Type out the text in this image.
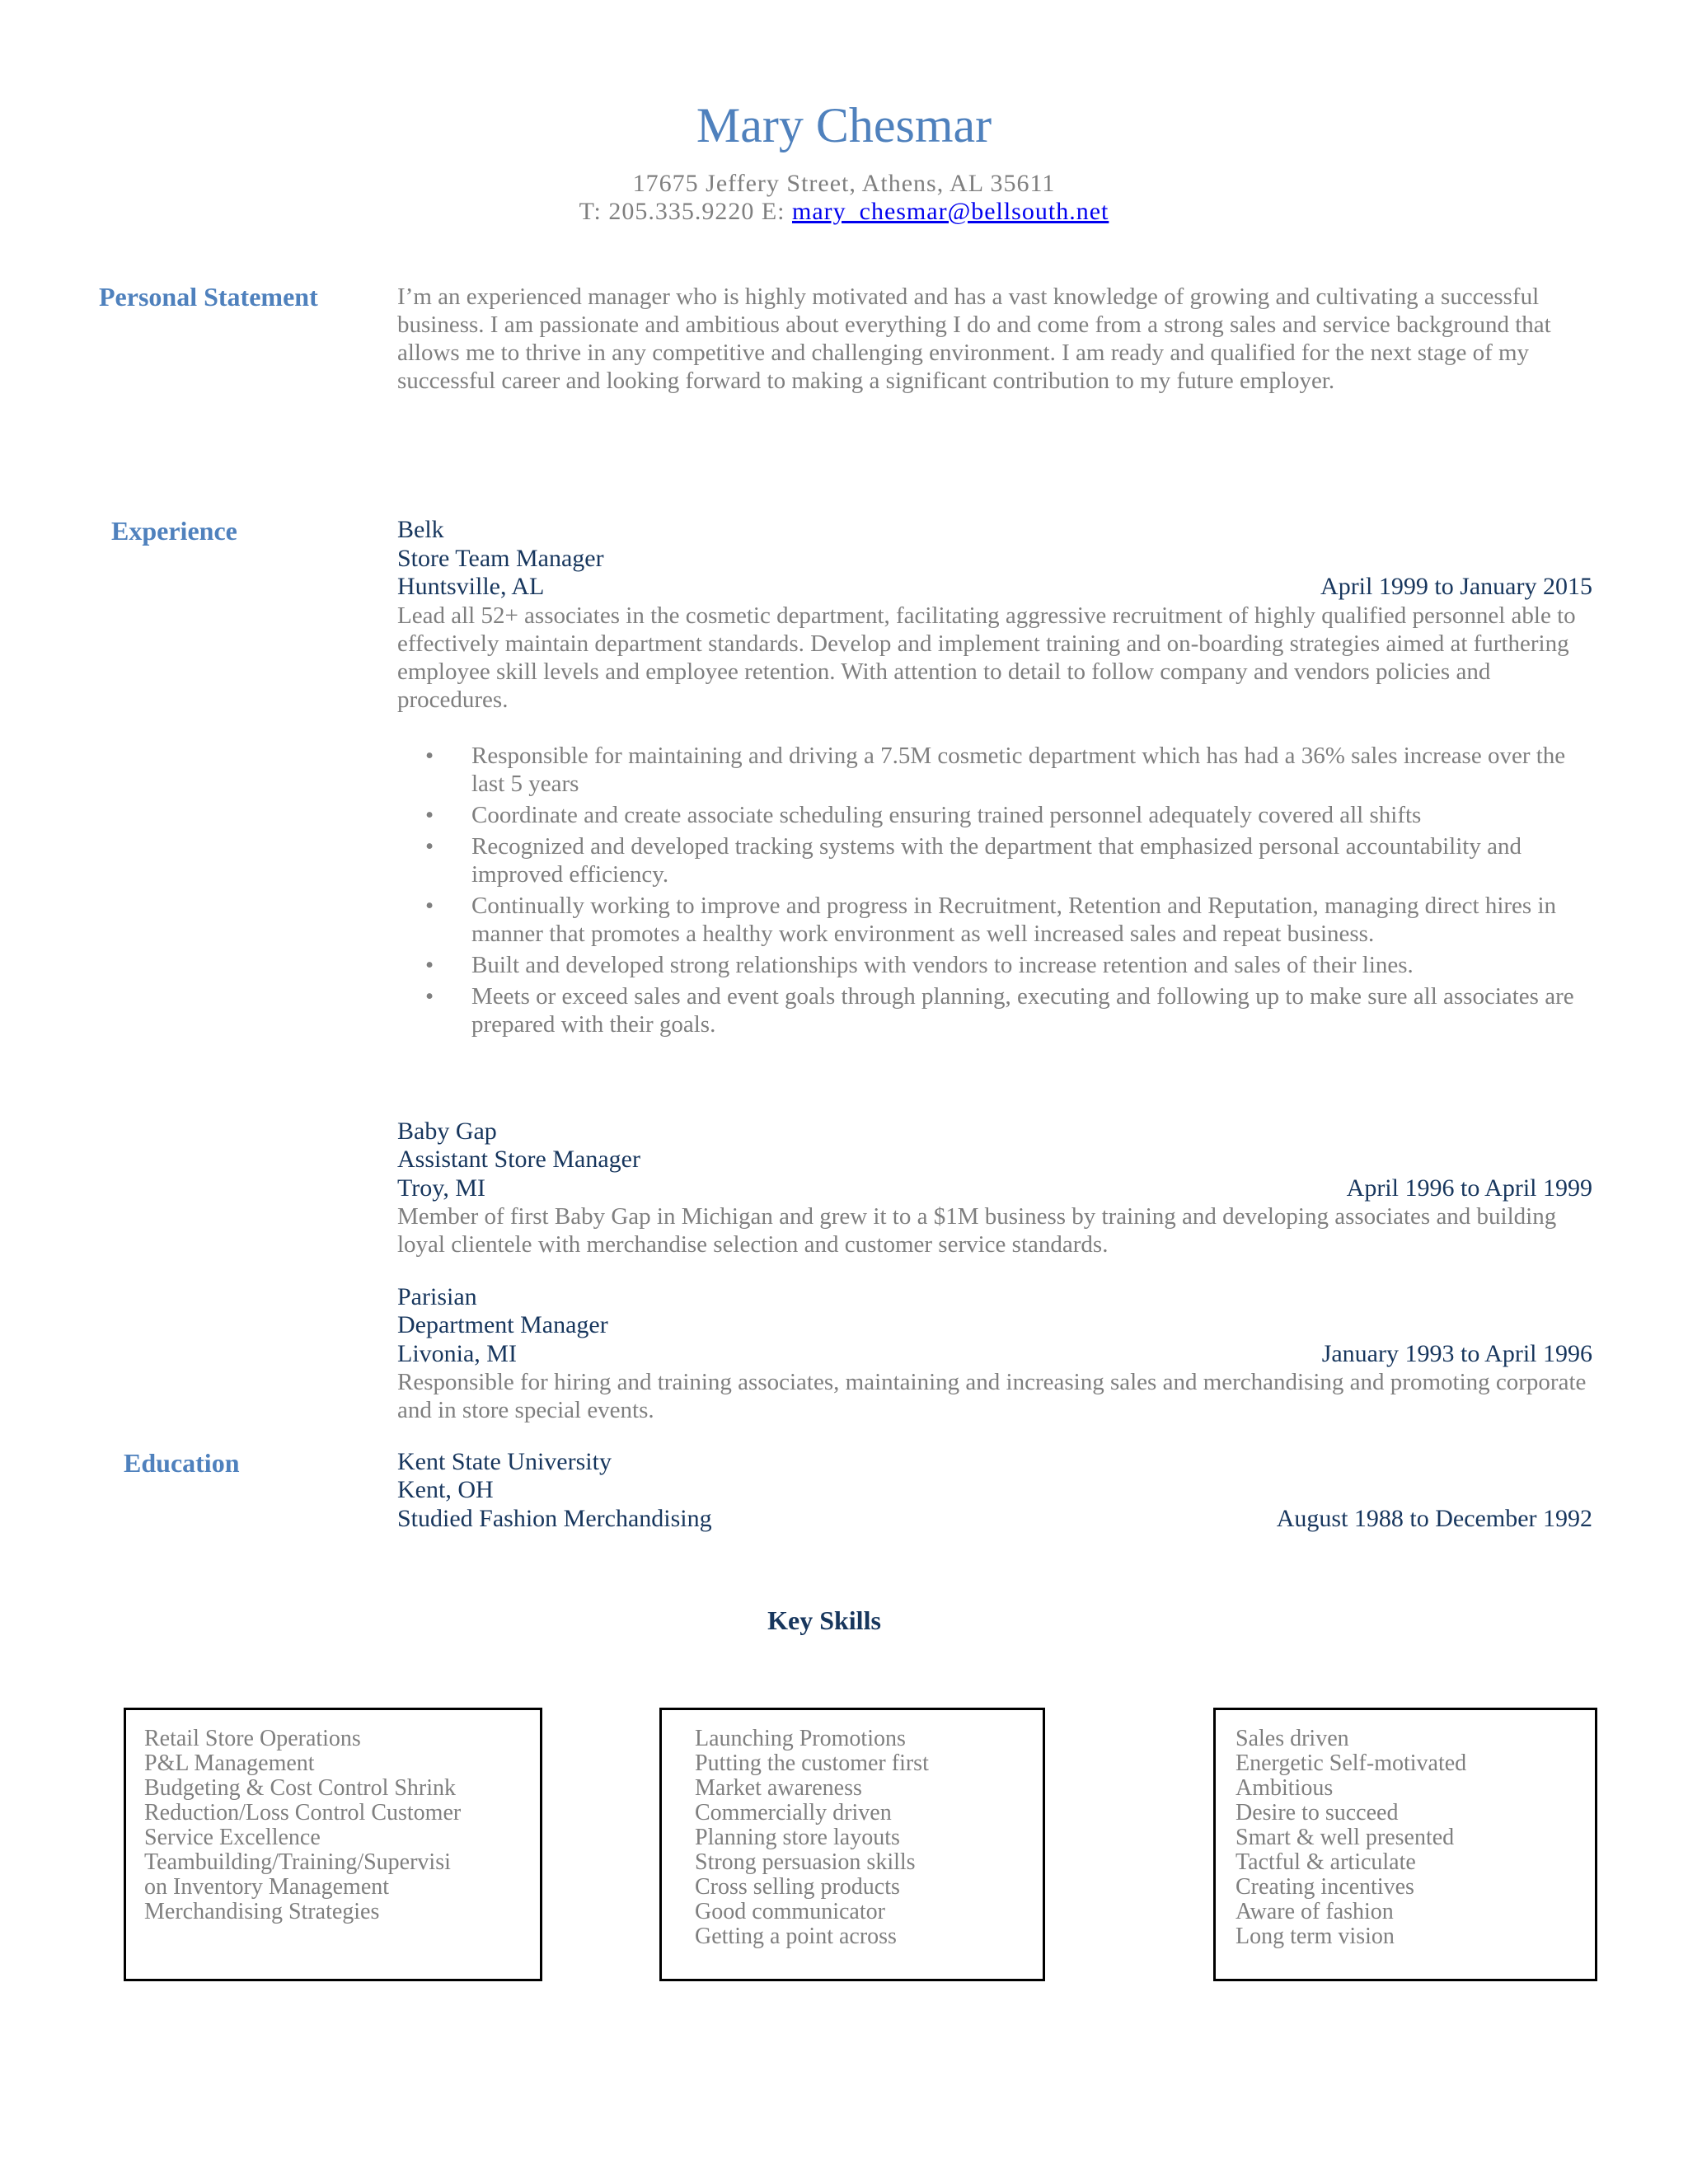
Mary Chesmar
17675 Jeffery Street, Athens, AL 35611
T: 205.335.9220 E: mary_chesmar@bellsouth.net
Personal Statement	I’m an experienced manager who is highly motivated and has a vast knowledge of growing and cultivating a successful business. I am passionate and ambitious about everything I do and come from a strong sales and service background that allows me to thrive in any competitive and challenging environment. I am ready and qualified for the next stage of my successful career and looking forward to making a significant contribution to my future employer.
Experience	Belk
Store Team Manager
Huntsville, AL	April 1999 to January 2015
Lead all 52+ associates in the cosmetic department, facilitating aggressive recruitment of highly qualified personnel able to effectively maintain department standards. Develop and implement training and on-boarding strategies aimed at furthering employee skill levels and employee retention. With attention to detail to follow company and vendors policies and procedures.
• Responsible for maintaining and driving a 7.5M cosmetic department which has had a 36% sales increase over the last 5 years
• Coordinate and create associate scheduling ensuring trained personnel adequately covered all shifts
• Recognized and developed tracking systems with the department that emphasized personal accountability and improved efficiency.
• Continually working to improve and progress in Recruitment, Retention and Reputation, managing direct hires in manner that promotes a healthy work environment as well increased sales and repeat business.
• Built and developed strong relationships with vendors to increase retention and sales of their lines.
• Meets or exceed sales and event goals through planning, executing and following up to make sure all associates are prepared with their goals.
Baby Gap
Assistant Store Manager
Troy, MI	April 1996 to April 1999
Member of first Baby Gap in Michigan and grew it to a $1M business by training and developing associates and building loyal clientele with merchandise selection and customer service standards.
Parisian
Department Manager
Livonia, MI	January 1993 to April 1996
Responsible for hiring and training associates, maintaining and increasing sales and merchandising and promoting corporate and in store special events.
Education	Kent State University
Kent, OH
Studied Fashion Merchandising	August 1988 to December 1992
Key Skills
Retail Store Operations
P&L Management
Budgeting & Cost Control Shrink
Reduction/Loss Control Customer
Service Excellence
Teambuilding/Training/Supervisi
on Inventory Management
Merchandising Strategies
Launching Promotions
Putting the customer first
Market awareness
Commercially driven
Planning store layouts
Strong persuasion skills
Cross selling products
Good communicator
Getting a point across
Sales driven
Energetic Self-motivated
Ambitious
Desire to succeed
Smart & well presented
Tactful & articulate
Creating incentives
Aware of fashion
Long term vision
